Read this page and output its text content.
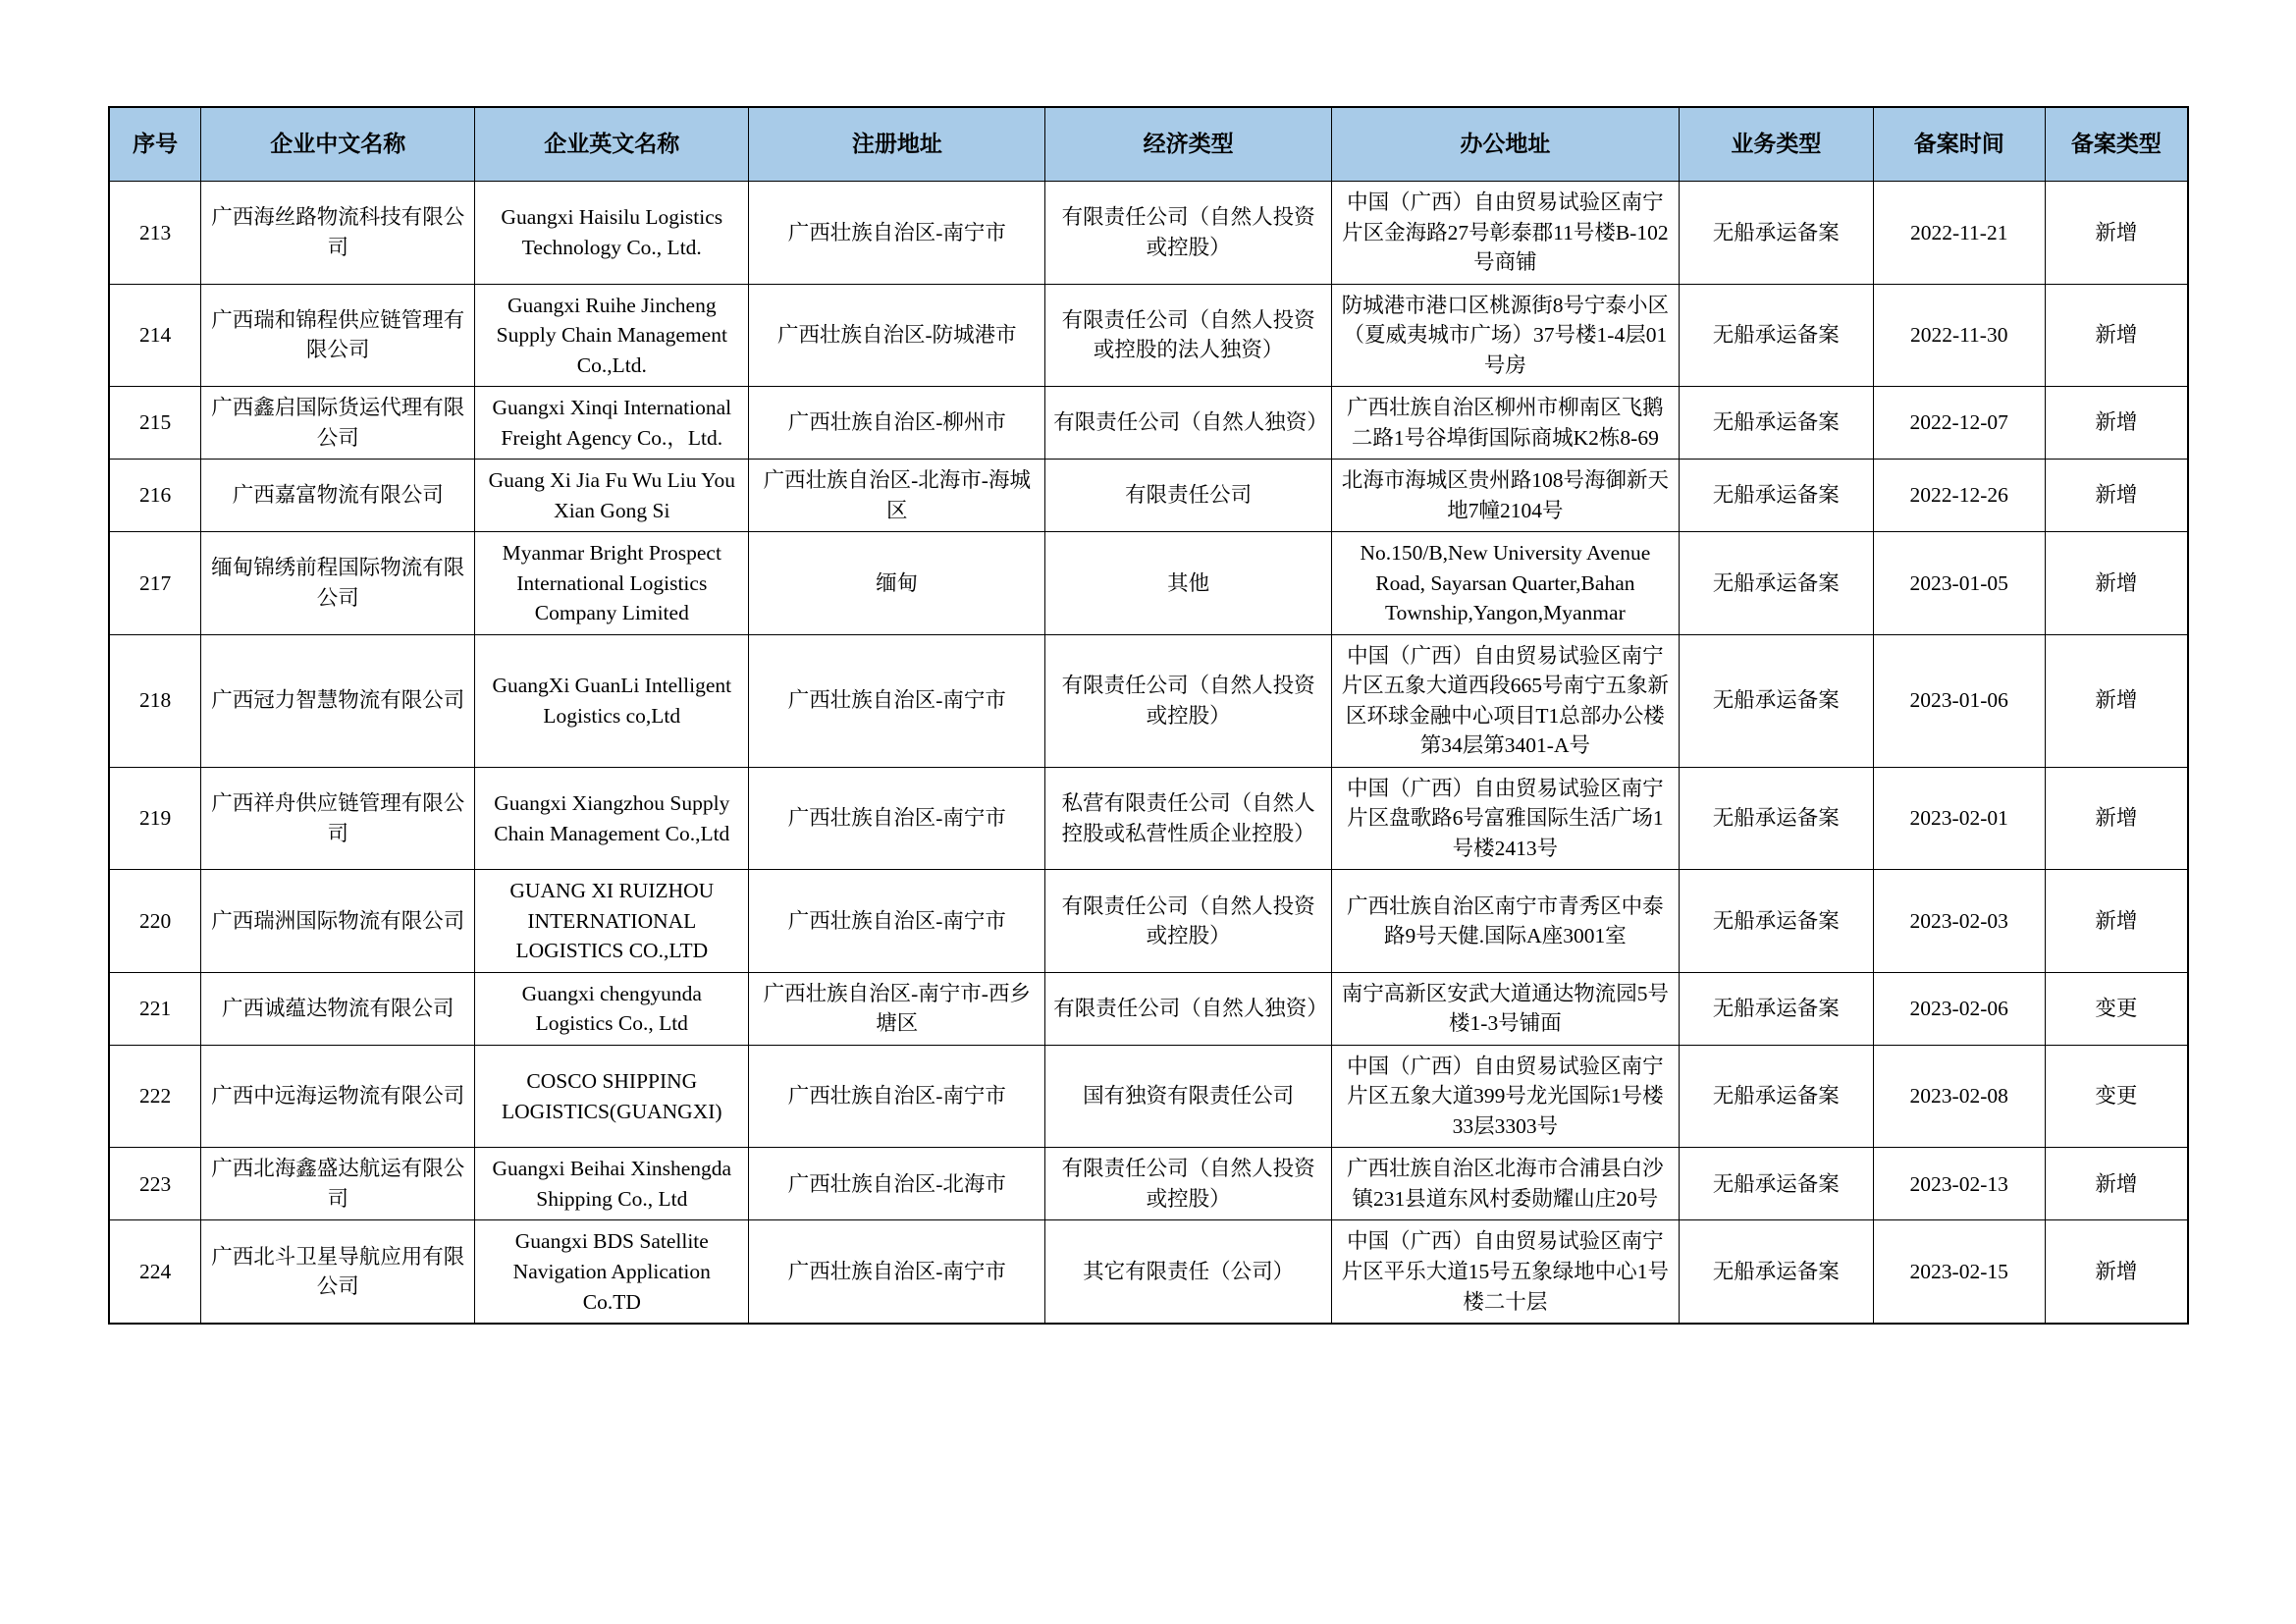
序号	企业中文名称	企业英文名称	注册地址	经济类型	办公地址	业务类型	备案时间	备案类型
213	广西海丝路物流科技有限公司	Guangxi Haisilu Logistics Technology Co., Ltd.	广西壮族自治区-南宁市	有限责任公司（自然人投资或控股）	中国（广西）自由贸易试验区南宁片区金海路27号彰泰郡11号楼B-102号商铺	无船承运备案	2022-11-21	新增
214	广西瑞和锦程供应链管理有限公司	Guangxi Ruihe Jincheng Supply Chain Management Co.,Ltd.	广西壮族自治区-防城港市	有限责任公司（自然人投资或控股的法人独资）	防城港市港口区桃源街8号宁泰小区（夏威夷城市广场）37号楼1-4层01号房	无船承运备案	2022-11-30	新增
215	广西鑫启国际货运代理有限公司	Guangxi Xinqi International Freight Agency Co.，Ltd.	广西壮族自治区-柳州市	有限责任公司（自然人独资）	广西壮族自治区柳州市柳南区飞鹅二路1号谷埠街国际商城K2栋8-69	无船承运备案	2022-12-07	新增
216	广西嘉富物流有限公司	Guang Xi Jia Fu Wu Liu You Xian Gong Si	广西壮族自治区-北海市-海城区	有限责任公司	北海市海城区贵州路108号海御新天地7幢2104号	无船承运备案	2022-12-26	新增
217	缅甸锦绣前程国际物流有限公司	Myanmar Bright Prospect International Logistics Company Limited	缅甸	其他	No.150/B,New University Avenue Road, Sayarsan Quarter,Bahan Township,Yangon,Myanmar	无船承运备案	2023-01-05	新增
218	广西冠力智慧物流有限公司	GuangXi GuanLi Intelligent Logistics co,Ltd	广西壮族自治区-南宁市	有限责任公司（自然人投资或控股）	中国（广西）自由贸易试验区南宁片区五象大道西段665号南宁五象新区环球金融中心项目T1总部办公楼第34层第3401-A号	无船承运备案	2023-01-06	新增
219	广西祥舟供应链管理有限公司	Guangxi Xiangzhou Supply Chain Management Co.,Ltd	广西壮族自治区-南宁市	私营有限责任公司（自然人控股或私营性质企业控股）	中国（广西）自由贸易试验区南宁片区盘歌路6号富雅国际生活广场1号楼2413号	无船承运备案	2023-02-01	新增
220	广西瑞洲国际物流有限公司	GUANG XI RUIZHOU INTERNATIONAL LOGISTICS CO.,LTD	广西壮族自治区-南宁市	有限责任公司（自然人投资或控股）	广西壮族自治区南宁市青秀区中泰路9号天健.国际A座3001室	无船承运备案	2023-02-03	新增
221	广西诚蕴达物流有限公司	Guangxi chengyunda Logistics Co., Ltd	广西壮族自治区-南宁市-西乡塘区	有限责任公司（自然人独资）	南宁高新区安武大道通达物流园5号楼1-3号铺面	无船承运备案	2023-02-06	变更
222	广西中远海运物流有限公司	COSCO SHIPPING LOGISTICS(GUANGXI)	广西壮族自治区-南宁市	国有独资有限责任公司	中国（广西）自由贸易试验区南宁片区五象大道399号龙光国际1号楼33层3303号	无船承运备案	2023-02-08	变更
223	广西北海鑫盛达航运有限公司	Guangxi Beihai Xinshengda Shipping Co., Ltd	广西壮族自治区-北海市	有限责任公司（自然人投资或控股）	广西壮族自治区北海市合浦县白沙镇231县道东风村委勋耀山庄20号	无船承运备案	2023-02-13	新增
224	广西北斗卫星导航应用有限公司	Guangxi BDS Satellite Navigation Application Co.TD	广西壮族自治区-南宁市	其它有限责任（公司）	中国（广西）自由贸易试验区南宁片区平乐大道15号五象绿地中心1号楼二十层	无船承运备案	2023-02-15	新增
